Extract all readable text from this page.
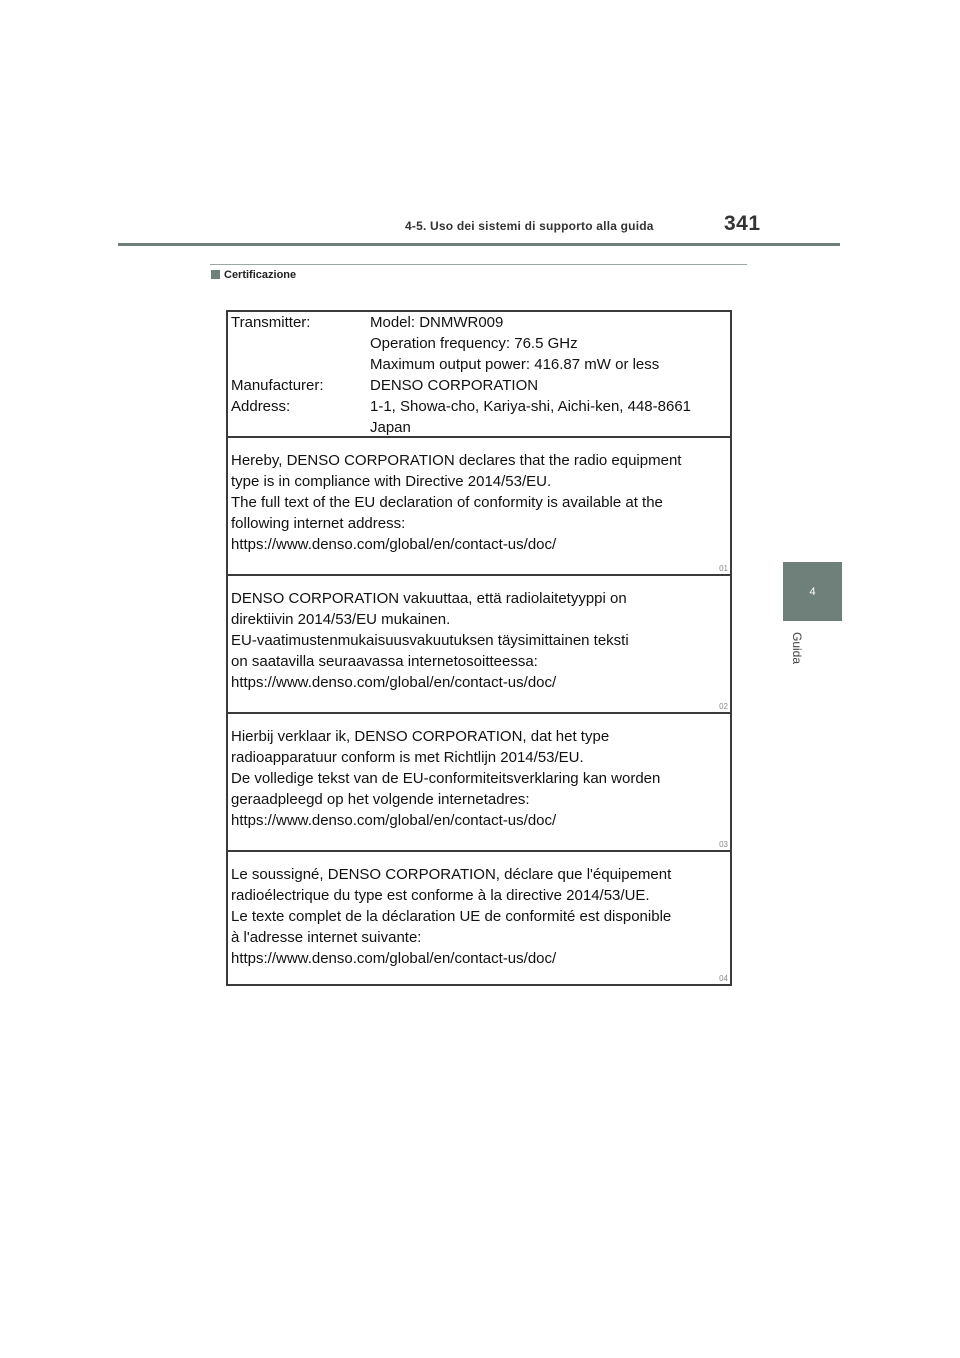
4-5. Uso dei sistemi di supporto alla guida	341
Certificazione
4
Guida
Transmitter:	Model: DNMWR009
Operation frequency: 76.5 GHz
Maximum output power: 416.87 mW or less
Manufacturer:	DENSO CORPORATION
Address:	1-1, Showa-cho, Kariya-shi, Aichi-ken, 448-8661
Japan
Hereby, DENSO CORPORATION declares that the radio equipment
type is in compliance with Directive 2014/53/EU.
The full text of the EU declaration of conformity is available at the
following internet address:
https://www.denso.com/global/en/contact-us/doc/
01
DENSO CORPORATION vakuuttaa, että radiolaitetyyppi on
direktiivin 2014/53/EU mukainen.
EU-vaatimustenmukaisuusvakuutuksen täysimittainen teksti
on saatavilla seuraavassa internetosoitteessa:
https://www.denso.com/global/en/contact-us/doc/
02
Hierbij verklaar ik, DENSO CORPORATION, dat het type
radioapparatuur conform is met Richtlijn 2014/53/EU.
De volledige tekst van de EU-conformiteitsverklaring kan worden
geraadpleegd op het volgende internetadres:
https://www.denso.com/global/en/contact-us/doc/
03
Le soussigné, DENSO CORPORATION, déclare que l'équipement
radioélectrique du type est conforme à la directive 2014/53/UE.
Le texte complet de la déclaration UE de conformité est disponible
à l'adresse internet suivante:
https://www.denso.com/global/en/contact-us/doc/
04
